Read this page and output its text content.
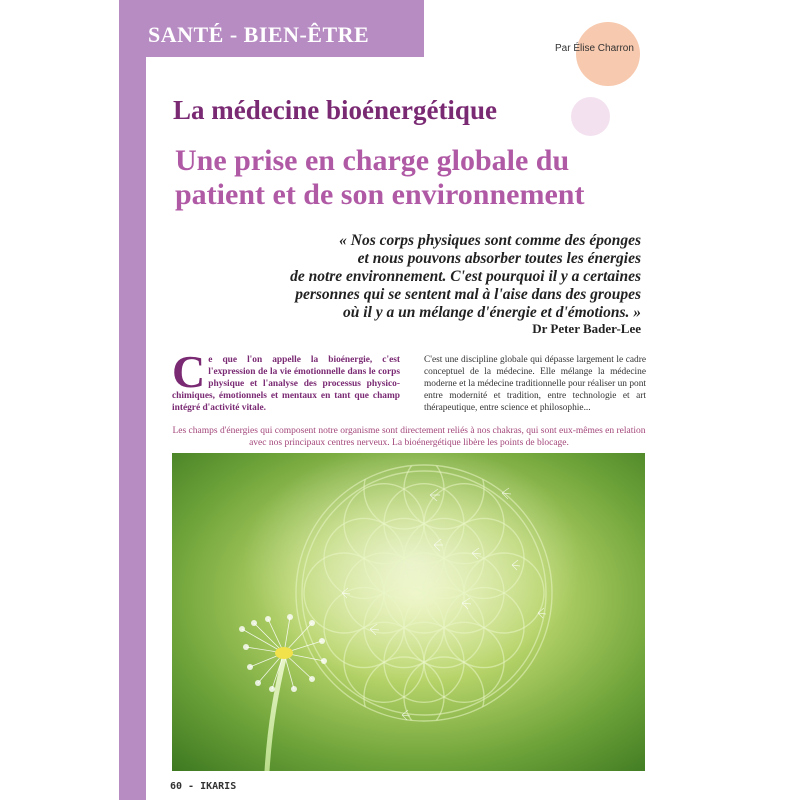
SANTÉ - BIEN-ÊTRE
Par Élise Charron
La médecine bioénergétique
Une prise en charge globale du patient et de son environnement
« Nos corps physiques sont comme des éponges
et nous pouvons absorber toutes les énergies
de notre environnement. C'est pourquoi il y a certaines
personnes qui se sentent mal à l'aise dans des groupes
où il y a un mélange d'énergie et d'émotions. »
Dr Peter Bader-Lee
C e que l'on appelle la bioénergie, c'est l'expression de la vie émotionnelle dans le corps physique et l'analyse des processus physico-chimiques, émotionnels et mentaux en tant que champ intégré d'activité vitale.
C'est une discipline globale qui dépasse largement le cadre conceptuel de la médecine. Elle mélange la médecine moderne et la médecine traditionnelle pour réaliser un pont entre modernité et tradition, entre technologie et art thérapeutique, entre science et philosophie...
Les champs d'énergies qui composent notre organisme sont directement reliés à nos chakras, qui sont eux-mêmes en relation avec nos principaux centres nerveux. La bioénergétique libère les points de blocage.
60 - IKARIS
